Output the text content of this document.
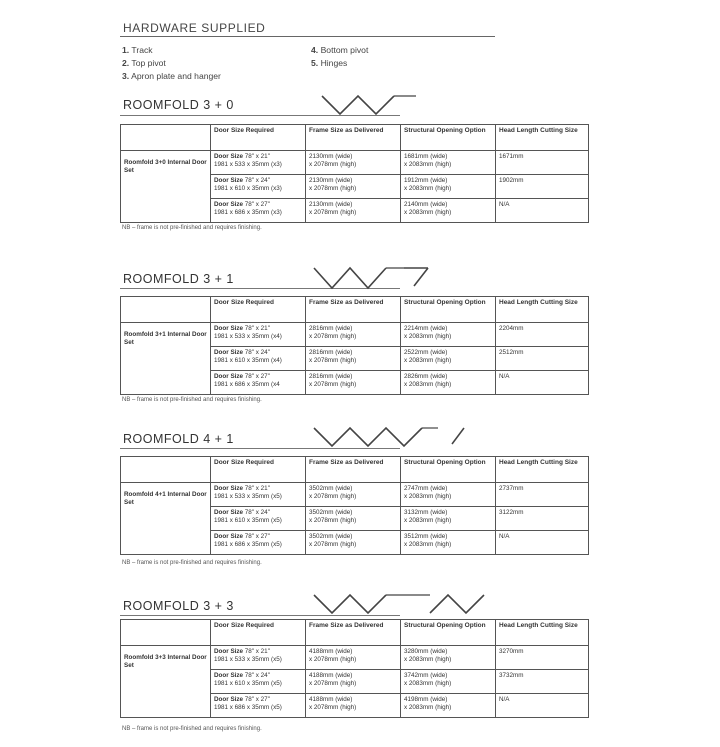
HARDWARE SUPPLIED
1. Track
2. Top pivot
3. Apron plate and hanger
4. Bottom pivot
5. Hinges
ROOMFOLD 3 + 0
	Door Size Required	Frame Size as Delivered	Structural Opening Option	Head Length Cutting Size
Roomfold 3+0 Internal Door Set	Door Size 78" x 21"
1981 x 533 x 35mm (x3)	2130mm (wide)
x 2078mm (high)	1681mm (wide)
x 2083mm (high)	1671mm
	Door Size 78" x 24"
1981 x 610 x 35mm (x3)	2130mm (wide)
x 2078mm (high)	1912mm (wide)
x 2083mm (high)	1902mm
	Door Size 78" x 27"
1981 x 686 x 35mm (x3)	2130mm (wide)
x 2078mm (high)	2140mm (wide)
x 2083mm (high)	N/A
NB – frame is not pre-finished and requires finishing.
ROOMFOLD 3 + 1
	Door Size Required	Frame Size as Delivered	Structural Opening Option	Head Length Cutting Size
Roomfold 3+1 Internal Door Set	Door Size 78" x 21"
1981 x 533 x 35mm (x4)	2816mm (wide)
x 2078mm (high)	2214mm (wide)
x 2083mm (high)	2204mm
	Door Size 78" x 24"
1981 x 610 x 35mm (x4)	2816mm (wide)
x 2078mm (high)	2522mm (wide)
x 2083mm (high)	2512mm
	Door Size 78" x 27"
1981 x 686 x 35mm (x4	2816mm (wide)
x 2078mm (high)	2826mm (wide)
x 2083mm (high)	N/A
NB – frame is not pre-finished and requires finishing.
ROOMFOLD 4 + 1
	Door Size Required	Frame Size as Delivered	Structural Opening Option	Head Length Cutting Size
Roomfold 4+1 Internal Door Set	Door Size 78" x 21"
1981 x 533 x 35mm (x5)	3502mm (wide)
x 2078mm (high)	2747mm (wide)
x 2083mm (high)	2737mm
	Door Size 78" x 24"
1981 x 610 x 35mm (x5)	3502mm (wide)
x 2078mm (high)	3132mm (wide)
x 2083mm (high)	3122mm
	Door Size 78" x 27"
1981 x 686 x 35mm (x5)	3502mm (wide)
x 2078mm (high)	3512mm (wide)
x 2083mm (high)	N/A
NB – frame is not pre-finished and requires finishing.
ROOMFOLD 3 + 3
	Door Size Required	Frame Size as Delivered	Structural Opening Option	Head Length Cutting Size
Roomfold 3+3 Internal Door Set	Door Size 78" x 21"
1981 x 533 x 35mm (x5)	4188mm (wide)
x 2078mm (high)	3280mm (wide)
x 2083mm (high)	3270mm
	Door Size 78" x 24"
1981 x 610 x 35mm (x5)	4188mm (wide)
x 2078mm (high)	3742mm (wide)
x 2083mm (high)	3732mm
	Door Size 78" x 27"
1981 x 686 x 35mm (x5)	4188mm (wide)
x 2078mm (high)	4198mm (wide)
x 2083mm (high)	N/A
NB – frame is not pre-finished and requires finishing.
